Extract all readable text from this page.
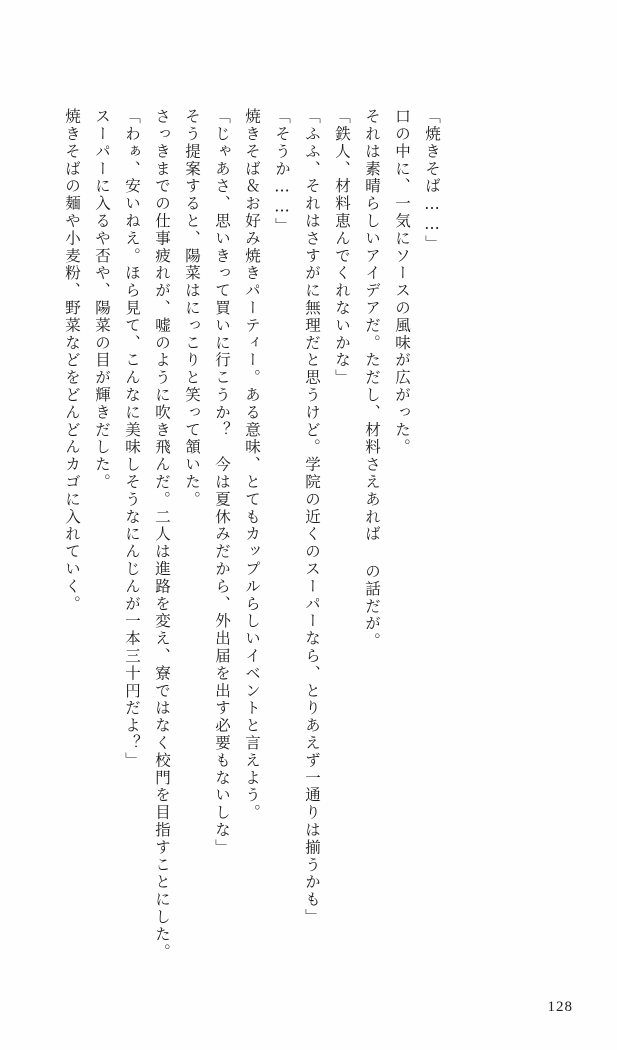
焼きそばの麺や小麦粉、野菜などをどんどんカゴに入れていく。 スーパーに入るや否や、陽菜の目が輝きだした。 「わぁ、安いねえ。ほら見て、こんなに美味しそうなにんじんが一本三十円だよ？」 さっきまでの仕事疲れが、嘘のように吹き飛んだ。二人は進路を変え、寮ではなく校門を目指すことにした。 そう提案すると、陽菜はにっこりと笑って頷いた。 「じゃあさ、思いきって買いに行こうか？　今は夏休みだから、外出届を出す必要もないしな」 焼きそば＆お好み焼きパーティー。ある意味、とてもカップルらしいイベントと言えよう。 「そうか……」 「ふふ、それはさすがに無理だと思うけど。学院の近くのスーパーなら、とりあえず一通りは揃うかも」 「鉄人、材料恵んでくれないかな」 それは素晴らしいアイデアだ。ただし、材料さえあれば の話だが。 口の中に、一気にソースの風味が広がった。 「焼きそば……」
128
